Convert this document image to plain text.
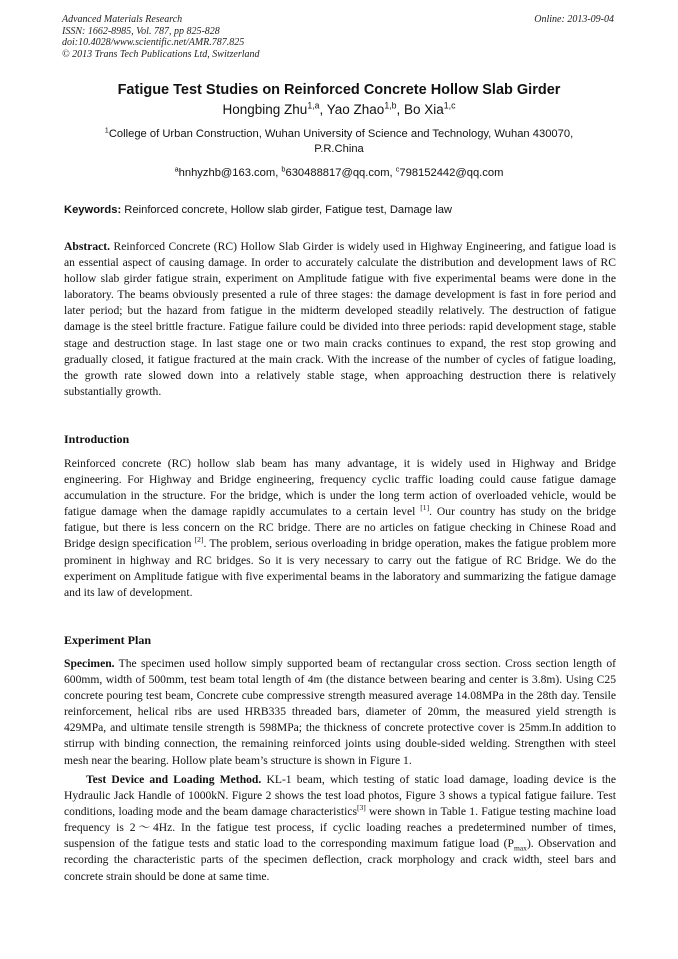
Advanced Materials Research
ISSN: 1662-8985, Vol. 787, pp 825-828
doi:10.4028/www.scientific.net/AMR.787.825
© 2013 Trans Tech Publications Ltd, Switzerland
Online: 2013-09-04
Fatigue Test Studies on Reinforced Concrete Hollow Slab Girder
Hongbing Zhu$^{1,a}$, Yao Zhao$^{1,b}$, Bo Xia$^{1,c}$
$^1$College of Urban Construction, Wuhan University of Science and Technology, Wuhan 430070, P.R.China
$^a$hnhyzhb@163.com, $^b$630488817@qq.com, $^c$798152442@qq.com
Keywords: Reinforced concrete, Hollow slab girder, Fatigue test, Damage law
Abstract. Reinforced Concrete (RC) Hollow Slab Girder is widely used in Highway Engineering, and fatigue load is an essential aspect of causing damage. In order to accurately calculate the distribution and development laws of RC hollow slab girder fatigue strain, experiment on Amplitude fatigue with five experimental beams were done in the laboratory. The beams obviously presented a rule of three stages: the damage development is fast in fore period and later period; but the hazard from fatigue in the midterm developed steadily relatively. The destruction of fatigue damage is the steel brittle fracture. Fatigue failure could be divided into three periods: rapid development stage, stable stage and destruction stage. In last stage one or two main cracks continues to expand, the rest stop growing and gradually closed, it fatigue fractured at the main crack. With the increase of the number of cycles of fatigue loading, the growth rate slowed down into a relatively stable stage, when approaching destruction there is relatively substantially growth.
Introduction
Reinforced concrete (RC) hollow slab beam has many advantage, it is widely used in Highway and Bridge engineering. For Highway and Bridge engineering, frequency cyclic traffic loading could cause fatigue damage accumulation in the structure. For the bridge, which is under the long term action of overloaded vehicle, would be fatigue damage when the damage rapidly accumulates to a certain level [1]. Our country has study on the bridge fatigue, but there is less concern on the RC bridge. There are no articles on fatigue checking in Chinese Road and Bridge design specification [2]. The problem, serious overloading in bridge operation, makes the fatigue problem more prominent in highway and RC bridges. So it is very necessary to carry out the fatigue of RC Bridge. We do the experiment on Amplitude fatigue with five experimental beams in the laboratory and summarizing the fatigue damage and its law of development.
Experiment Plan
Specimen. The specimen used hollow simply supported beam of rectangular cross section. Cross section length of 600mm, width of 500mm, test beam total length of 4m (the distance between bearing and center is 3.8m). Using C25 concrete pouring test beam, Concrete cube compressive strength measured average 14.08MPa in the 28th day. Tensile reinforcement, helical ribs are used HRB335 threaded bars, diameter of 20mm, the measured yield strength is 429MPa, and ultimate tensile strength is 598MPa; the thickness of concrete protective cover is 25mm.In addition to stirrup with binding connection, the remaining reinforced joints using double-sided welding. Strengthen with steel mesh near the bearing. Hollow plate beam’s structure is shown in Figure 1.
Test Device and Loading Method. KL-1 beam, which testing of static load damage, loading device is the Hydraulic Jack Handle of 1000kN. Figure 2 shows the test load photos, Figure 3 shows a typical fatigue failure. Test conditions, loading mode and the beam damage characteristics[3] were shown in Table 1. Fatigue testing machine load frequency is 2～4Hz. In the fatigue test process, if cyclic loading reaches a predetermined number of times, suspension of the fatigue tests and static load to the corresponding maximum fatigue load $(P_{max})$. Observation and recording the characteristic parts of the specimen deflection, crack morphology and crack width, steel bars and concrete strain should be done at same time.
